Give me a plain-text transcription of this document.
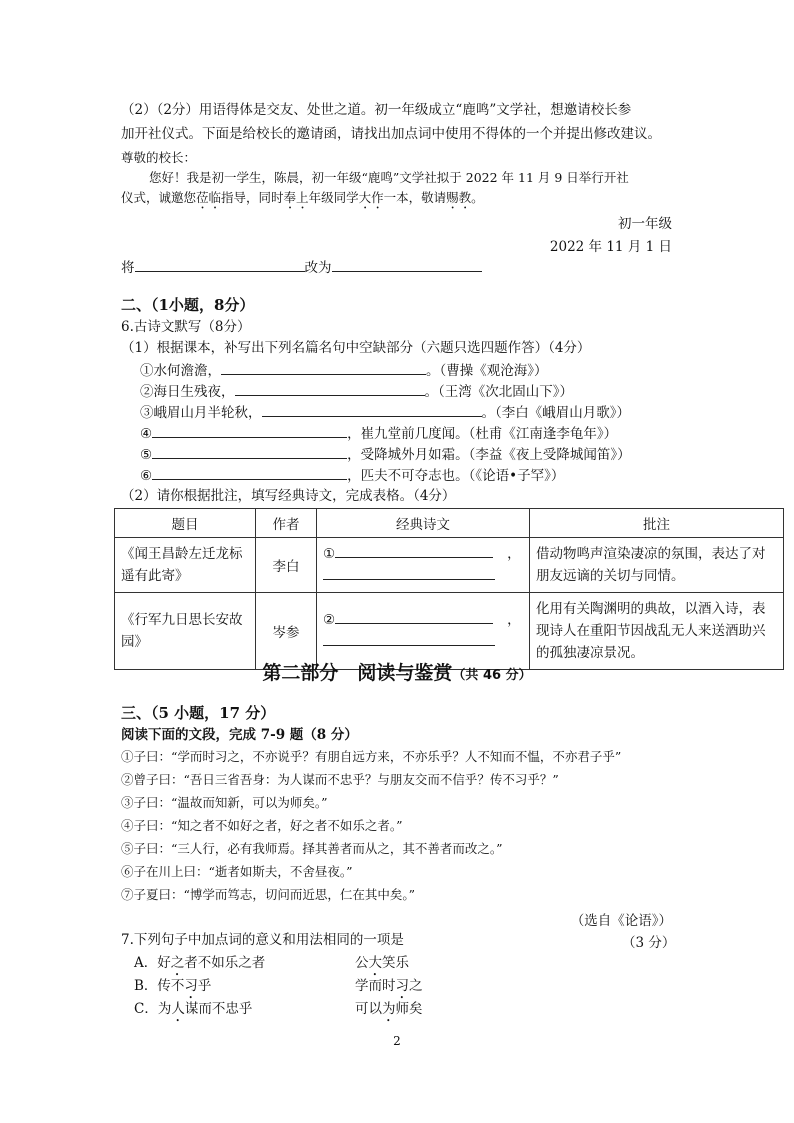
（2）（2分）用语得体是交友、处世之道。初一年级成立“鹿鸣”文学社，想邀请校长参
加开社仪式。下面是给校长的邀请函，请找出加点词中使用不得体的一个并提出修改建议。
尊敬的校长：
您好！我是初一学生，陈晨，初一年级“鹿鸣”文学社拟于 2022 年 11 月 9 日举行开社
仪式，诚邀您莅临指导，同时奉上年级同学大作一本，敬请赐教。
初一年级
2022 年 11 月 1 日
将	改为
二、（1小题，8分）
6.古诗文默写（8分）
（1）根据课本，补写出下列名篇名句中空缺部分（六题只选四题作答）（4分）
①水何澹澹，	。（曹操《观沧海》）
②海日生残夜，	。（王湾《次北固山下》）
③峨眉山月半轮秋，	。（李白《峨眉山月歌》）
④	，崔九堂前几度闻。（杜甫《江南逢李龟年》）
⑤	，受降城外月如霜。（李益《夜上受降城闻笛》）
⑥	，匹夫不可夺志也。（《论语•子罕》）
（2）请你根据批注，填写经典诗文，完成表格。（4分）
题目	作者	经典诗文	批注
《闻王昌龄左迁龙标遥有此寄》	李白	① ，	借动物鸣声渲染凄凉的氛围，表达了对朋友远谪的关切与同情。
《行军九日思长安故园》	岑参	② ，	化用有关陶渊明的典故，以酒入诗，表现诗人在重阳节因战乱无人来送酒助兴的孤独凄凉景况。
第二部分　阅读与鉴赏（共 46 分）
三、（5 小题，17 分）
阅读下面的文段，完成 7-9 题（8 分）
①子曰：“学而时习之，不亦说乎？有朋自远方来，不亦乐乎？人不知而不愠，不亦君子乎”
②曾子曰：“吾日三省吾身：为人谋而不忠乎？与朋友交而不信乎？传不习乎？”
③子曰：“温故而知新，可以为师矣。”
④子曰：“知之者不如好之者，好之者不如乐之者。”
⑤子曰：“三人行，必有我师焉。择其善者而从之，其不善者而改之。”
⑥子在川上曰：“逝者如斯夫，不舍昼夜。”
⑦子夏曰：“博学而笃志，切问而近思，仁在其中矣。”
（选自《论语》）
7.下列句子中加点词的意义和用法相同的一项是	（3 分）
A．好之者不如乐之者	公大笑乐
B．传不习乎	学而时习之
C．为人谋而不忠乎	可以为师矣
2
